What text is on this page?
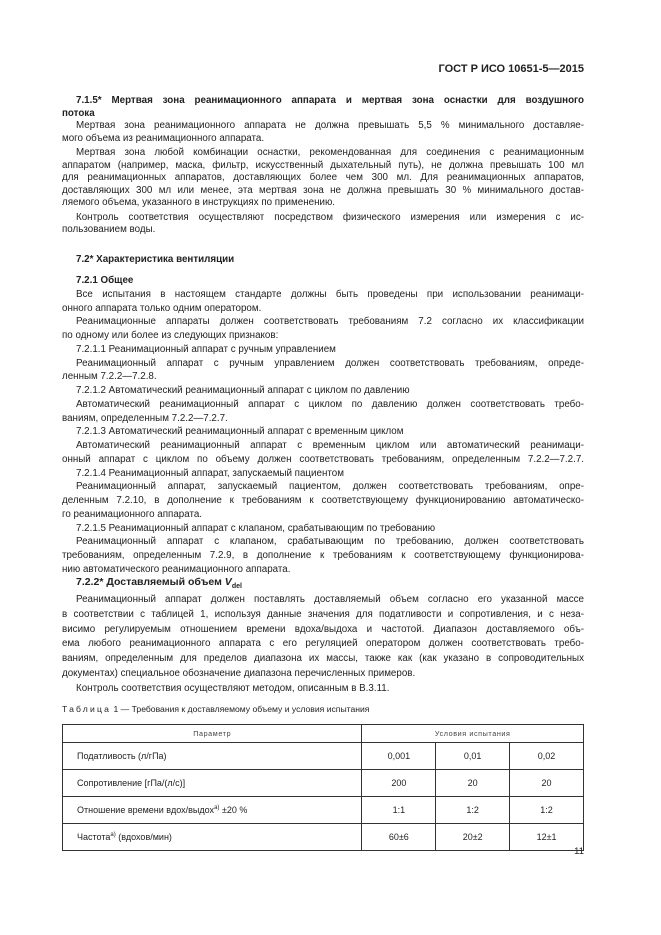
ГОСТ Р ИСО 10651-5—2015
7.1.5* Мертвая зона реанимационного аппарата и мертвая зона оснастки для воздушного
потока
Мертвая зона реанимационного аппарата не должна превышать 5,5 % минимального доставляе-
мого объема из реанимационного аппарата.
Мертвая зона любой комбинации оснастки, рекомендованная для соединения с реанимационным
аппаратом (например, маска, фильтр, искусственный дыхательный путь), не должна превышать 100 мл
для реанимационных аппаратов, доставляющих более чем 300 мл. Для реанимационных аппаратов,
доставляющих 300 мл или менее, эта мертвая зона не должна превышать 30 % минимального достав-
ляемого объема, указанного в инструкциях по применению.
Контроль соответствия осуществляют посредством физического измерения или измерения с ис-
пользованием воды.
7.2* Характеристика вентиляции
7.2.1 Общее
Все испытания в настоящем стандарте должны быть проведены при использовании реанимаци-
онного аппарата только одним оператором.
Реанимационные аппараты должен соответствовать требованиям 7.2 согласно их классификации
по одному или более из следующих признаков:
7.2.1.1 Реанимационный аппарат с ручным управлением
Реанимационный аппарат с ручным управлением должен соответствовать требованиям, опреде-
ленным 7.2.2—7.2.8.
7.2.1.2 Автоматический реанимационный аппарат с циклом по давлению
Автоматический реанимационный аппарат с циклом по давлению должен соответствовать требо-
ваниям, определенным 7.2.2—7.2.7.
7.2.1.3 Автоматический реанимационный аппарат с временным циклом
Автоматический реанимационный аппарат с временным циклом или автоматический реанимаци-
онный аппарат с циклом по объему должен соответствовать требованиям, определенным 7.2.2—7.2.7.
7.2.1.4 Реанимационный аппарат, запускаемый пациентом
Реанимационный аппарат, запускаемый пациентом, должен соответствовать требованиям, опре-
деленным 7.2.10, в дополнение к требованиям к соответствующему функционированию автоматическо-
го реанимационного аппарата.
7.2.1.5 Реанимационный аппарат с клапаном, срабатывающим по требованию
Реанимационный аппарат с клапаном, срабатывающим по требованию, должен соответствовать
требованиям, определенным 7.2.9, в дополнение к требованиям к соответствующему функционирова-
нию автоматического реанимационного аппарата.
7.2.2* Доставляемый объем $V_{del}$
Реанимационный аппарат должен поставлять доставляемый объем согласно его указанной массе
в соответствии с таблицей 1, используя данные значения для податливости и сопротивления, и с неза-
висимо регулируемым отношением времени вдоха/выдоха и частотой. Диапазон доставляемого объ-
ема любого реанимационного аппарата с его регуляцией оператором должен соответствовать требо-
ваниям, определенным для пределов диапазона их массы, также как (как указано в сопроводительных
документах) специальное обозначение диапазона перечисленных примеров.
Контроль соответствия осуществляют методом, описанным в В.3.11.
Таблица 1 — Требования к доставляемому объему и условия испытания
Параметр	Условия испытания		
Податливость (л/гПа)	0,001	0,01	0,02
Сопротивление [гПа/(л/с)]	200	20	20
Отношение времени вдох/выдох$^{a)}$ ±20 %	1:1	1:2	1:2
Частота$^{a)}$ (вдохов/мин)	60±6	20±2	12±1
11
